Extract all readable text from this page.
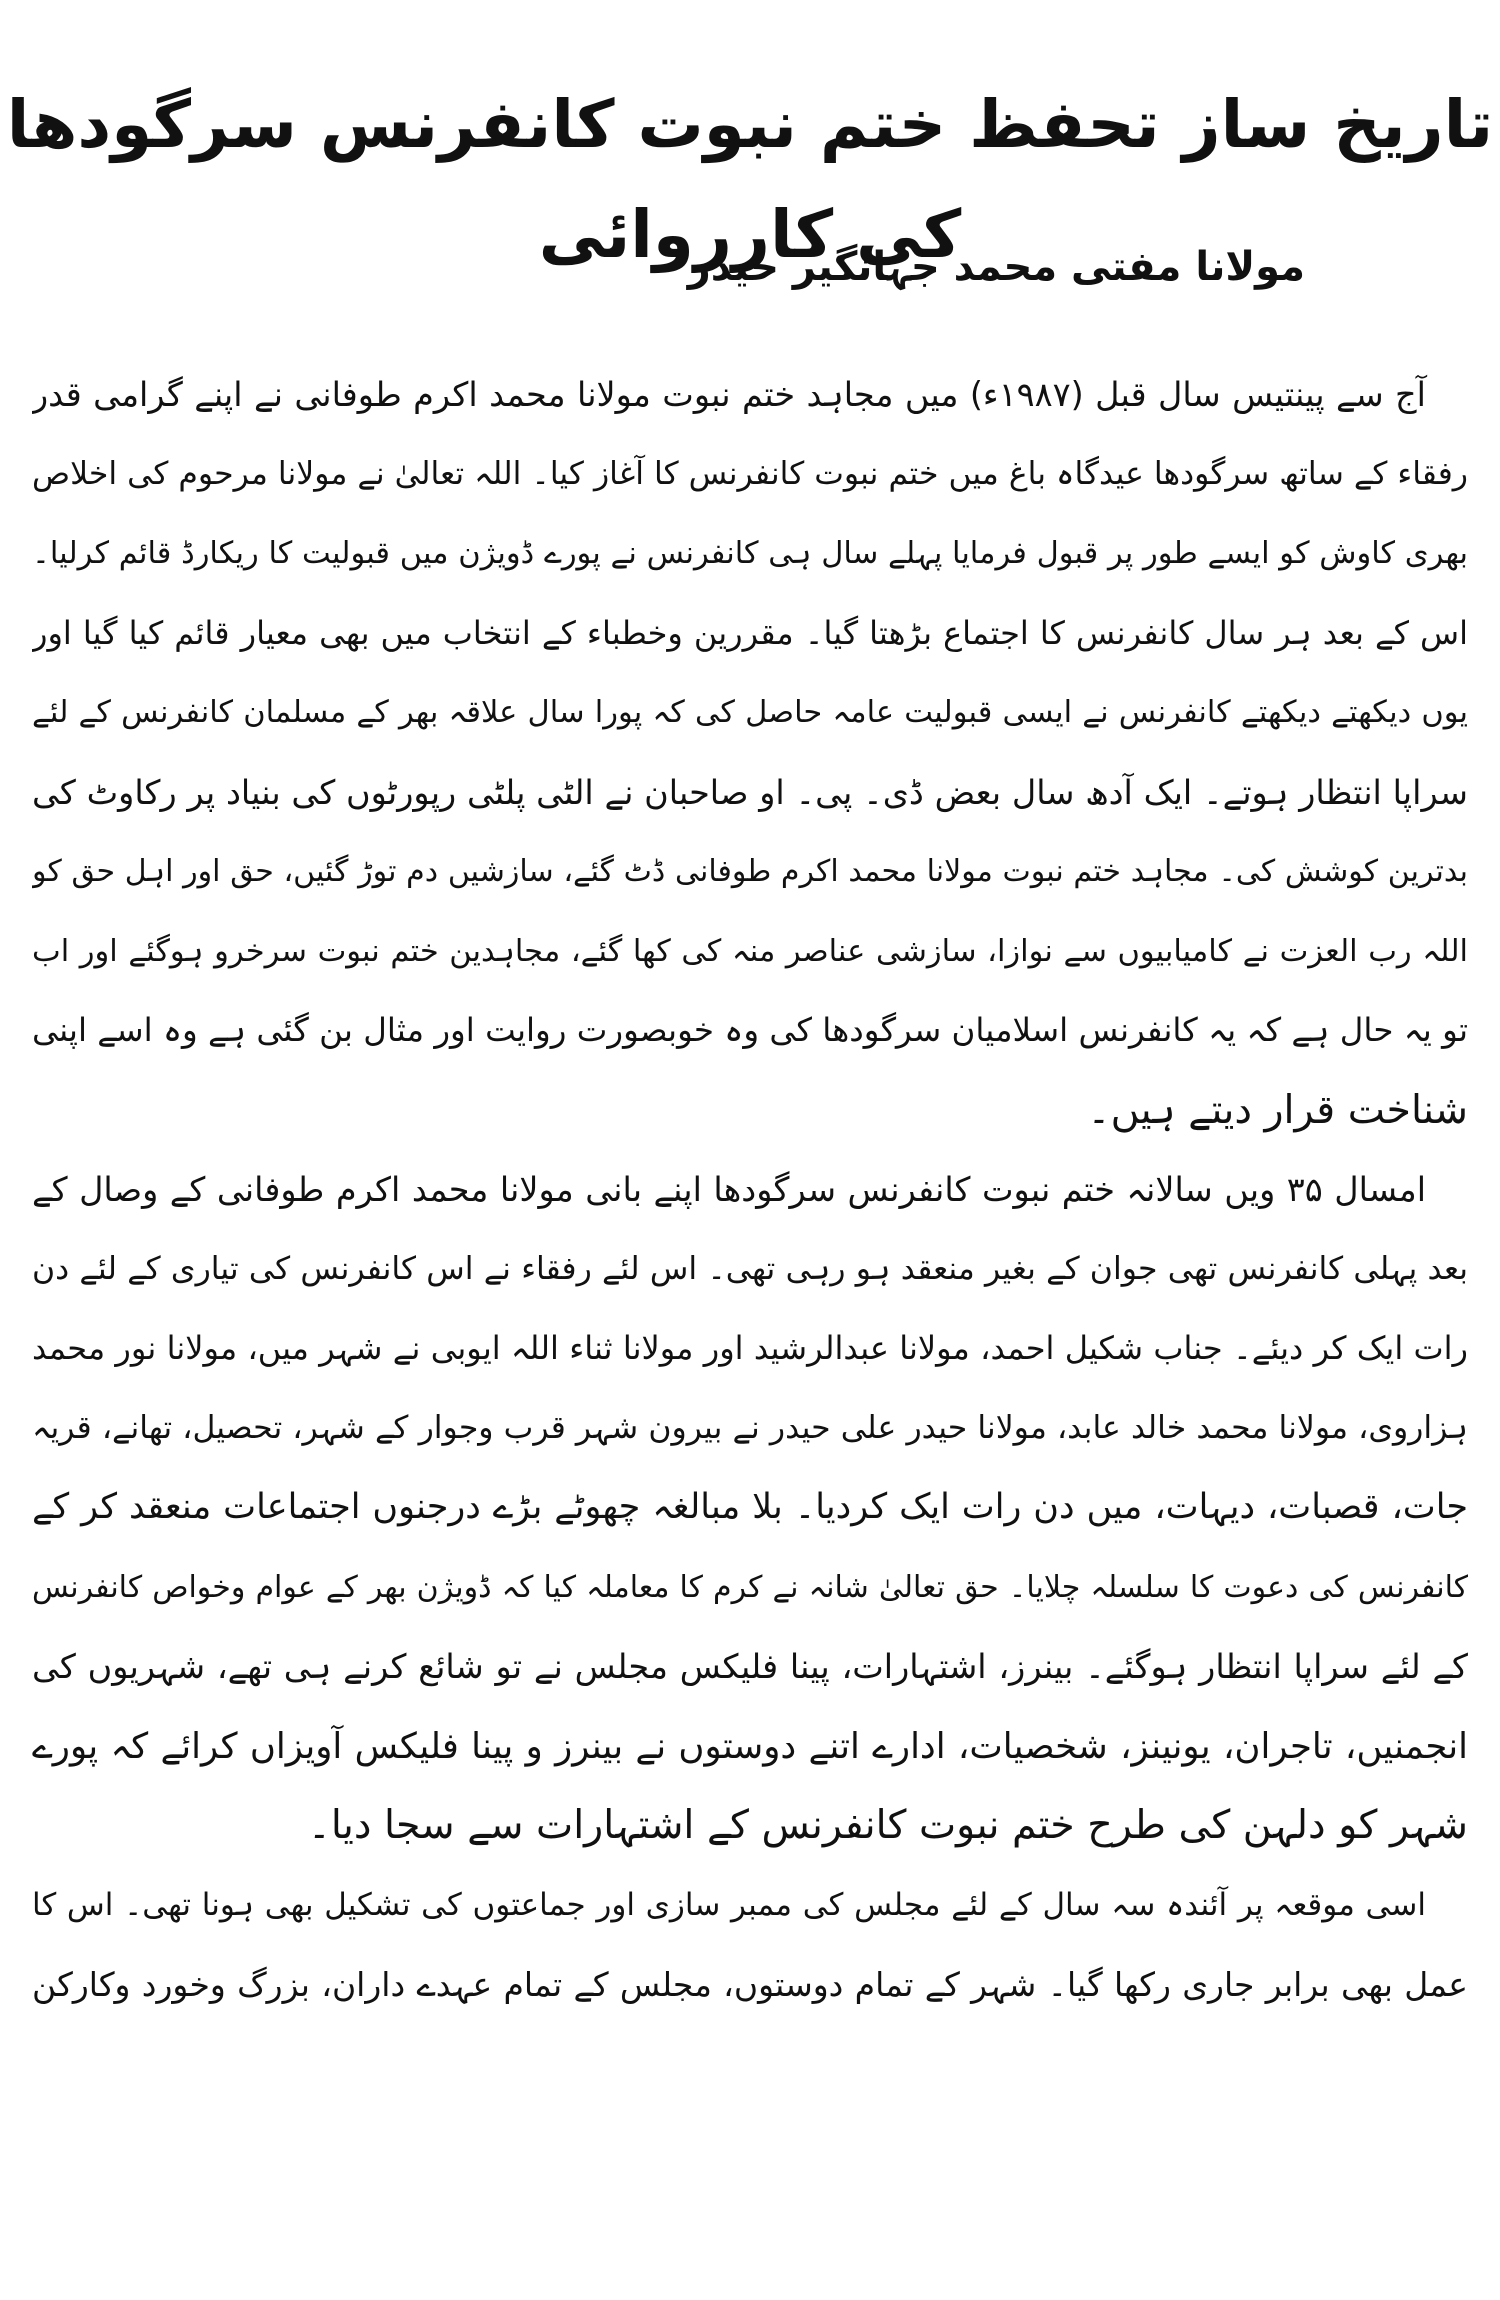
تاریخ ساز تحفظ ختم نبوت کانفرنس سرگودھا کی کارروائی
مولانا مفتی محمد جہانگیر حیدر
آج سے پینتیس سال قبل (۱۹۸۷ء) میں مجاہد ختم نبوت مولانا محمد اکرم طوفانی نے اپنے گرامی قدر
رفقاء کے ساتھ سرگودھا عیدگاہ باغ میں ختم نبوت کانفرنس کا آغاز کیا۔ اللہ تعالیٰ نے مولانا مرحوم کی اخلاص
بھری کاوش کو ایسے طور پر قبول فرمایا پہلے سال ہی کانفرنس نے پورے ڈویژن میں قبولیت کا ریکارڈ قائم کرلیا۔
اس کے بعد ہر سال کانفرنس کا اجتماع بڑھتا گیا۔ مقررین وخطباء کے انتخاب میں بھی معیار قائم کیا گیا اور
یوں دیکھتے دیکھتے کانفرنس نے ایسی قبولیت عامہ حاصل کی کہ پورا سال علاقہ بھر کے مسلمان کانفرنس کے لئے
سراپا انتظار ہوتے۔ ایک آدھ سال بعض ڈی۔ پی۔ او صاحبان نے الٹی پلٹی رپورٹوں کی بنیاد پر رکاوٹ کی
بدترین کوشش کی۔ مجاہد ختم نبوت مولانا محمد اکرم طوفانی ڈٹ گئے، سازشیں دم توڑ گئیں، حق اور اہل حق کو
اللہ رب العزت نے کامیابیوں سے نوازا، سازشی عناصر منہ کی کھا گئے، مجاہدین ختم نبوت سرخرو ہوگئے اور اب
تو یہ حال ہے کہ یہ کانفرنس اسلامیان سرگودھا کی وہ خوبصورت روایت اور مثال بن گئی ہے وہ اسے اپنی
شناخت قرار دیتے ہیں۔
امسال ۳۵ ویں سالانہ ختم نبوت کانفرنس سرگودھا اپنے بانی مولانا محمد اکرم طوفانی کے وصال کے
بعد پہلی کانفرنس تھی جوان کے بغیر منعقد ہو رہی تھی۔ اس لئے رفقاء نے اس کانفرنس کی تیاری کے لئے دن
رات ایک کر دیئے۔ جناب شکیل احمد، مولانا عبدالرشید اور مولانا ثناء اللہ ایوبی نے شہر میں، مولانا نور محمد
ہزاروی، مولانا محمد خالد عابد، مولانا حیدر علی حیدر نے بیرون شہر قرب وجوار کے شہر، تحصیل، تھانے، قریہ
جات، قصبات، دیہات، میں دن رات ایک کردیا۔ بلا مبالغہ چھوٹے بڑے درجنوں اجتماعات منعقد کر کے
کانفرنس کی دعوت کا سلسلہ چلایا۔ حق تعالیٰ شانہ نے کرم کا معاملہ کیا کہ ڈویژن بھر کے عوام وخواص کانفرنس
کے لئے سراپا انتظار ہوگئے۔ بینرز، اشتہارات، پینا فلیکس مجلس نے تو شائع کرنے ہی تھے، شہریوں کی
انجمنیں، تاجران، یونینز، شخصیات، ادارے اتنے دوستوں نے بینرز و پینا فلیکس آویزاں کرائے کہ پورے
شہر کو دلہن کی طرح ختم نبوت کانفرنس کے اشتہارات سے سجا دیا۔
اسی موقعہ پر آئندہ سہ سال کے لئے مجلس کی ممبر سازی اور جماعتوں کی تشکیل بھی ہونا تھی۔ اس کا
عمل بھی برابر جاری رکھا گیا۔ شہر کے تمام دوستوں، مجلس کے تمام عہدے داران، بزرگ وخورد وکارکن
